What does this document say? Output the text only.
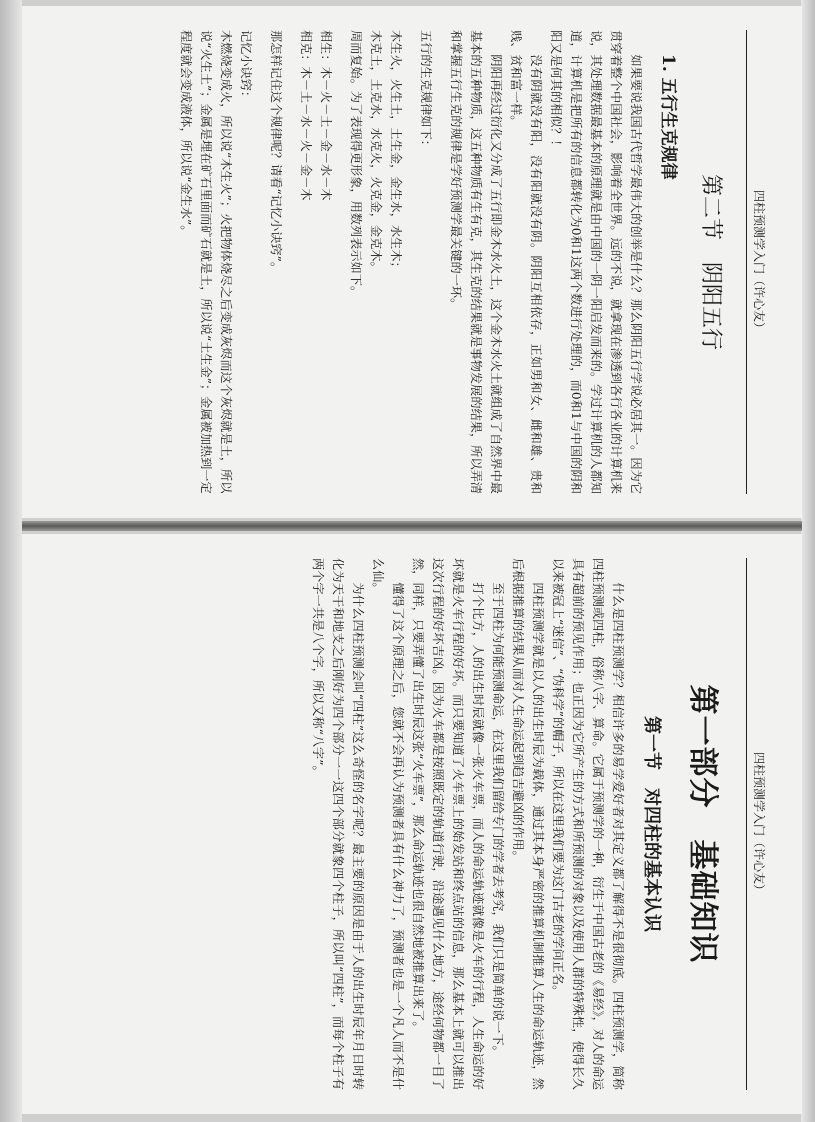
四柱预测学入门（许心友）
第二节　阴阳五行
1. 五行生克规律

如果要说我国古代哲学最伟大的创举是什么？那么阴阳五行学说必居其一。因为它贯穿着整个中国社会，影响着全世界。远的不说，就拿现在渗透到各行各业的计算机来说，其处理数据最基本的原理就是由中国的一阴一阳启发而来的。学过计算机的人都知道，计算机是把所有的信息都转化为0和1这两个数进行处理的，而0和1与中国的阴和阳又是何其的相似？！

没有阴就没有阳，没有阳就没有阴。阴阳互相依存，正如男和女、雌和雄、贵和贱、贫和富一样。

阴阳再经过衍化又分成了五行即金木水火土，这个金木水火土就组成了自然界中最基本的五种物质，这五种物质有生有克，其生克的结果就是事物发展的结果，所以弄清和掌握五行生克的规律是学好预测学最关键的一环。

五行的生克规律如下：

木生火，火生土，土生金，金生水，水生木；

木克土，土克水，水克火，火克金，金克木。

周而复始。为了表现得更形象，用数列表示如下。

相生：木－火－土－金－水－木

相克：木－土－水－火－金－木

那怎样记住这个规律呢？请看“记忆小诀窍”。

记忆小诀窍：

木燃烧变成火，所以说“木生火”；火把物体烧尽之后变成灰烬而这个灰烬就是土，所以说“火生土”；金属是埋在矿石里面而矿石就是土，所以说“土生金”；金属被加热到一定程度就会变成液体，所以说“金生水”。

四柱预测学入门（许心友）
第一部分　基础知识
第一节　对四柱的基本认识

什么是四柱预测学？相信许多的易学爱好者对其定义都了解得不是很彻底。四柱预测学，简称四柱预测或四柱，俗称八字、算命。它属于预测学的一种，衍生于中国古老的《易经》，对人的命运具有超前的预见作用；也正因为它所产生的方式和所预测的对象以及使用人群的特殊性，使得长久以来被冠上“迷信”、“伪科学”的帽子，所以在这里我们要为这门古老的学问正名。

四柱预测学就是以人的出生时辰为载体，通过其本身严密的推算机制推算人生的命运轨迹，然后根据推算的结果从而对人生命运起到趋吉避凶的作用。

至于四柱为何能预测命运，在这里我们留给专门的学者去考究，我们只是简单的说一下。

打个比方，人的出生时辰就像一张火车票，而人的命运轨迹就像是火车的行程，人生命运的好坏就是火车行程的好坏。而只要知道了火车票上的始发站和终点站的信息，那么基本上就可以推出这次行程的好坏吉凶。因为火车都是按照既定的轨道行驶，沿途遇见什么地方，途经何物都一目了然，同样，只要弄懂了出生时辰这张“火车票”，那么命运轨迹也很自然地被推算出来了。

懂得了这个原理之后，您就不会再认为预测者具有什么神力了，预测者也是一个凡人而不是什么仙。

为什么四柱预测会叫“四柱”这么奇怪的名字呢？最主要的原因是由于人的出生时辰年月日时转化为天干和地支之后刚好为四个部分一一这四个部分就象四个柱子，所以叫“四柱”，而每个柱子有两个字一共是八个字，所以又称“八字”。
